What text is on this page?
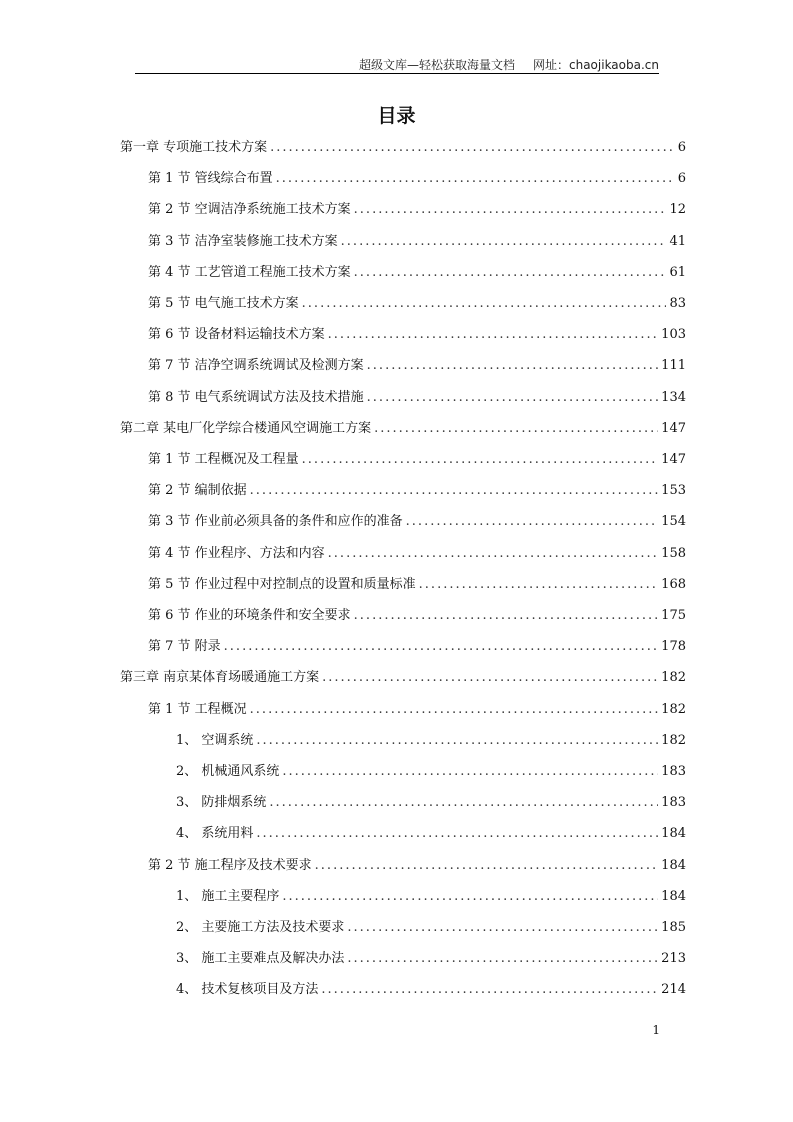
超级文库—轻松获取海量文档 网址：chaojikaoba.cn
目录
第一章 专项施工技术方案 .....	6
第 1 节 管线综合布置 .....	6
第 2 节 空调洁净系统施工技术方案 .....	12
第 3 节 洁净室装修施工技术方案 .....	41
第 4 节 工艺管道工程施工技术方案 .....	61
第 5 节 电气施工技术方案 .....	83
第 6 节 设备材料运输技术方案 .....	103
第 7 节 洁净空调系统调试及检测方案 .....	111
第 8 节 电气系统调试方法及技术措施 .....	134
第二章 某电厂化学综合楼通风空调施工方案 .....	147
第 1 节 工程概况及工程量 .....	147
第 2 节 编制依据 .....	153
第 3 节 作业前必须具备的条件和应作的准备 .....	154
第 4 节 作业程序、方法和内容 .....	158
第 5 节 作业过程中对控制点的设置和质量标准 .....	168
第 6 节 作业的环境条件和安全要求 .....	175
第 7 节 附录 .....	178
第三章 南京某体育场暖通施工方案 .....	182
第 1 节 工程概况 .....	182
1、 空调系统 .....	182
2、 机械通风系统 .....	183
3、 防排烟系统 .....	183
4、 系统用料 .....	184
第 2 节 施工程序及技术要求 .....	184
1、 施工主要程序 .....	184
2、 主要施工方法及技术要求 .....	185
3、 施工主要难点及解决办法 .....	213
4、 技术复核项目及方法 .....	214
1
